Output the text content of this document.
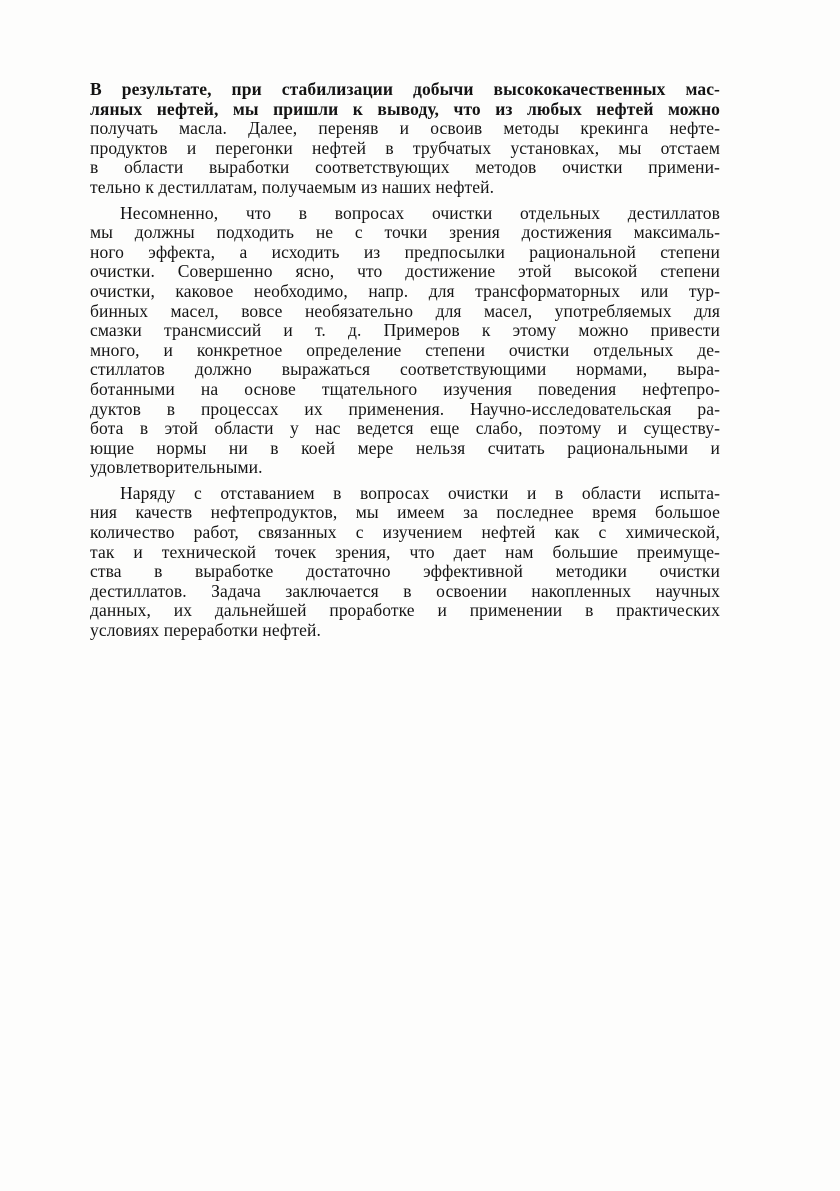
В результате, при стабилизации добычи высококачественных мас-
ляных нефтей, мы пришли к выводу, что из любых нефтей можно
получать масла. Далее, переняв и освоив методы крекинга нефте-
продуктов и перегонки нефтей в трубчатых установках, мы отстаем
в области выработки соответствующих методов очистки примени-
тельно к дестиллатам, получаемым из наших нефтей.

Несомненно, что в вопросах очистки отдельных дестиллатов
мы должны подходить не с точки зрения достижения максималь-
ного эффекта, а исходить из предпосылки рациональной степени
очистки. Совершенно ясно, что достижение этой высокой степени
очистки, каковое необходимо, напр. для трансформаторных или тур-
бинных масел, вовсе необязательно для масел, употребляемых для
смазки трансмиссий и т. д. Примеров к этому можно привести
много, и конкретное определение степени очистки отдельных де-
стиллатов должно выражаться соответствующими нормами, выра-
ботанными на основе тщательного изучения поведения нефтепро-
дуктов в процессах их применения. Научно-исследовательская ра-
бота в этой области у нас ведется еще слабо, поэтому и существу-
ющие нормы ни в коей мере нельзя считать рациональными и
удовлетворительными.

Наряду с отставанием в вопросах очистки и в области испыта-
ния качеств нефтепродуктов, мы имеем за последнее время большое
количество работ, связанных с изучением нефтей как с химической,
так и технической точек зрения, что дает нам большие преимуще-
ства в выработке достаточно эффективной методики очистки
дестиллатов. Задача заключается в освоении накопленных научных
данных, их дальнейшей проработке и применении в практических
условиях переработки нефтей.
